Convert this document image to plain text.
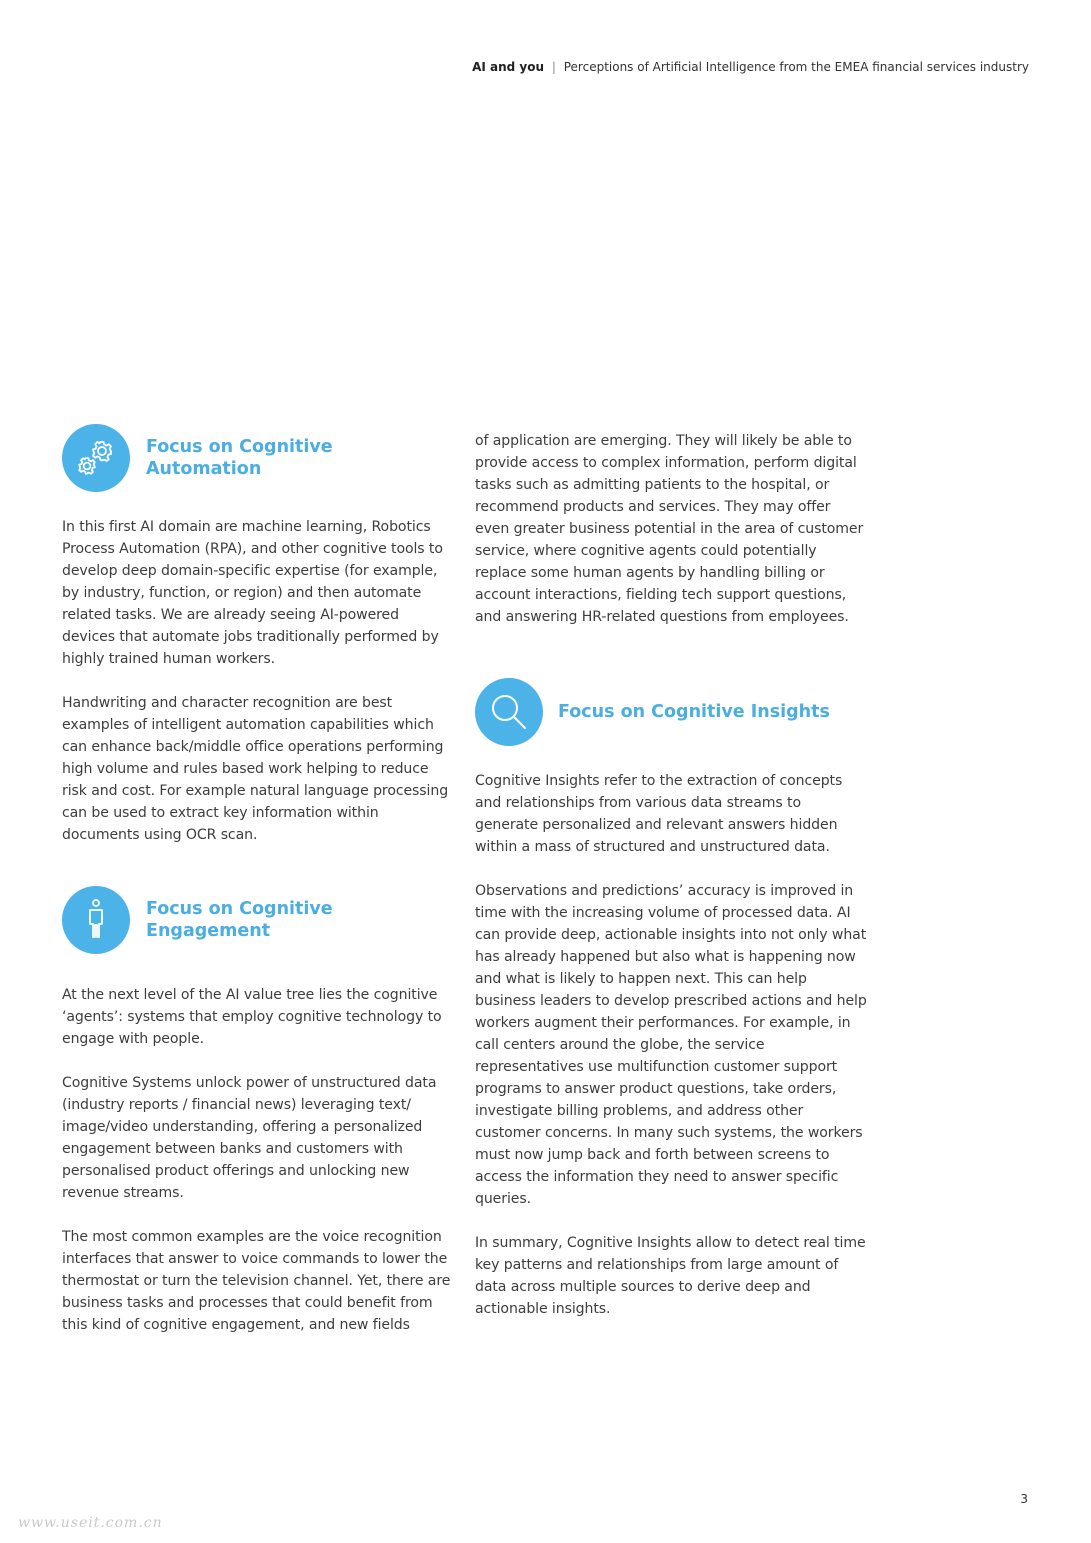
AI and you | Perceptions of Artificial Intelligence from the EMEA financial services industry
Focus on Cognitive
Automation

In this first AI domain are machine learning, Robotics Process Automation (RPA), and other cognitive tools to develop deep domain-specific expertise (for example, by industry, function, or region) and then automate related tasks. We are already seeing AI-powered devices that automate jobs traditionally performed by highly trained human workers.

Handwriting and character recognition are best examples of intelligent automation capabilities which can enhance back/middle office operations performing high volume and rules based work helping to reduce risk and cost. For example natural language processing can be used to extract key information within documents using OCR scan.

Focus on Cognitive
Engagement

At the next level of the AI value tree lies the cognitive ‘agents’: systems that employ cognitive technology to engage with people.

Cognitive Systems unlock power of unstructured data (industry reports / financial news) leveraging text/ image/video understanding, offering a personalized engagement between banks and customers with personalised product offerings and unlocking new revenue streams.

The most common examples are the voice recognition interfaces that answer to voice commands to lower the thermostat or turn the television channel. Yet, there are business tasks and processes that could benefit from this kind of cognitive engagement, and new fields

of application are emerging. They will likely be able to provide access to complex information, perform digital tasks such as admitting patients to the hospital, or recommend products and services. They may offer even greater business potential in the area of customer service, where cognitive agents could potentially replace some human agents by handling billing or account interactions, fielding tech support questions, and answering HR-related questions from employees.

Focus on Cognitive Insights

Cognitive Insights refer to the extraction of concepts and relationships from various data streams to generate personalized and relevant answers hidden within a mass of structured and unstructured data.

Observations and predictions’ accuracy is improved in time with the increasing volume of processed data. AI can provide deep, actionable insights into not only what has already happened but also what is happening now and what is likely to happen next. This can help business leaders to develop prescribed actions and help workers augment their performances. For example, in call centers around the globe, the service representatives use multifunction customer support programs to answer product questions, take orders, investigate billing problems, and address other customer concerns. In many such systems, the workers must now jump back and forth between screens to access the information they need to answer specific queries.

In summary, Cognitive Insights allow to detect real time key patterns and relationships from large amount of data across multiple sources to derive deep and actionable insights.

3
www.useit.com.cn
